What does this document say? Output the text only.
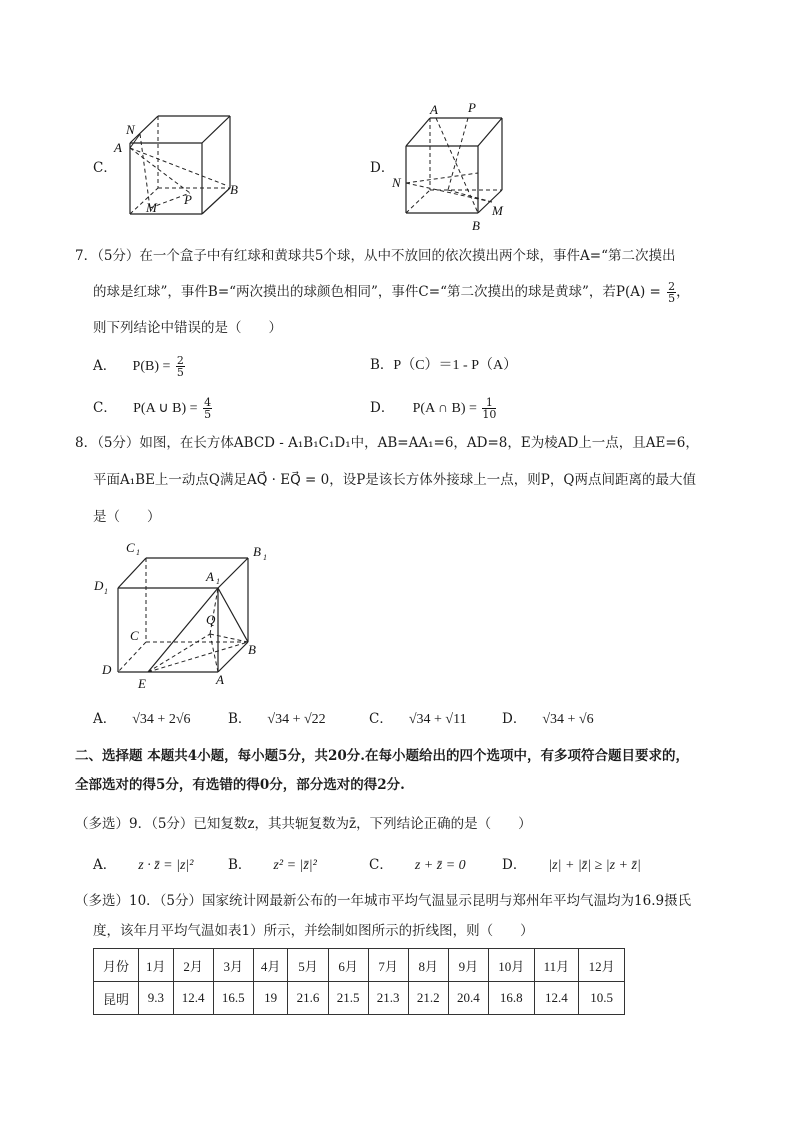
C．
N
A
M
P
B
D．
A P
N
B
M
7．（5分）在一个盒子中有红球和黄球共5个球，从中不放回的依次摸出两个球，事件A=“第二次摸出
的球是红球”，事件B=“两次摸出的球颜色相同”，事件C=“第二次摸出的球是黄球”，若$P(A) = \frac{2}{5}$ ，
则下列结论中错误的是（　　）
A． $P(B) = \frac{2}{5}$	B．P（C）＝1 - P（A）
C． P(A ∪ $B) = \frac{4}{5}$	D． P(A ∩ $B) = \frac{1}{10}$
8．（5分）如图，在长方体ABCD - A₁B₁C₁D₁中，AB=AA₁=6，AD=8，E为棱AD上一点，且AE=6，
平面A₁BE上一动点Q满足AQ⃗ · EQ⃗ = 0，设P是该长方体外接球上一点，则P，Q两点间距离的最大值
是（　　）
C 1	B 1
D 1
A 1
C
Q
B
D
E	A
A． √34 + 2√6	B． √34 + √22	C． √34 + √11	D． √34 + √6
二、选择题 本题共4小题，每小题5分，共20分.在每小题给出的四个选项中，有多项符合题目要求的，
全部选对的得5分，有选错的得0分，部分选对的得2分.
（多选）9．（5分）已知复数z，其共轭复数为z̄，下列结论正确的是（　　）
A． z · z̄ = |z|²	B． z² = |z̄|²	C． z + z̄ = 0	D． |z| + |z̄| ≥ |z + z̄|
（多选）10．（5分）国家统计网最新公布的一年城市平均气温显示昆明与郑州年平均气温均为16.9摄氏
度，该年月平均气温如表1）所示，并绘制如图所示的折线图，则（　　）
月份	1月	2月	3月	4月	5月	6月	7月	8月	9月	10月	11月	12月
昆明	9.3	12.4	16.5	19	21.6	21.5	21.3	21.2	20.4	16.8	12.4	10.5
